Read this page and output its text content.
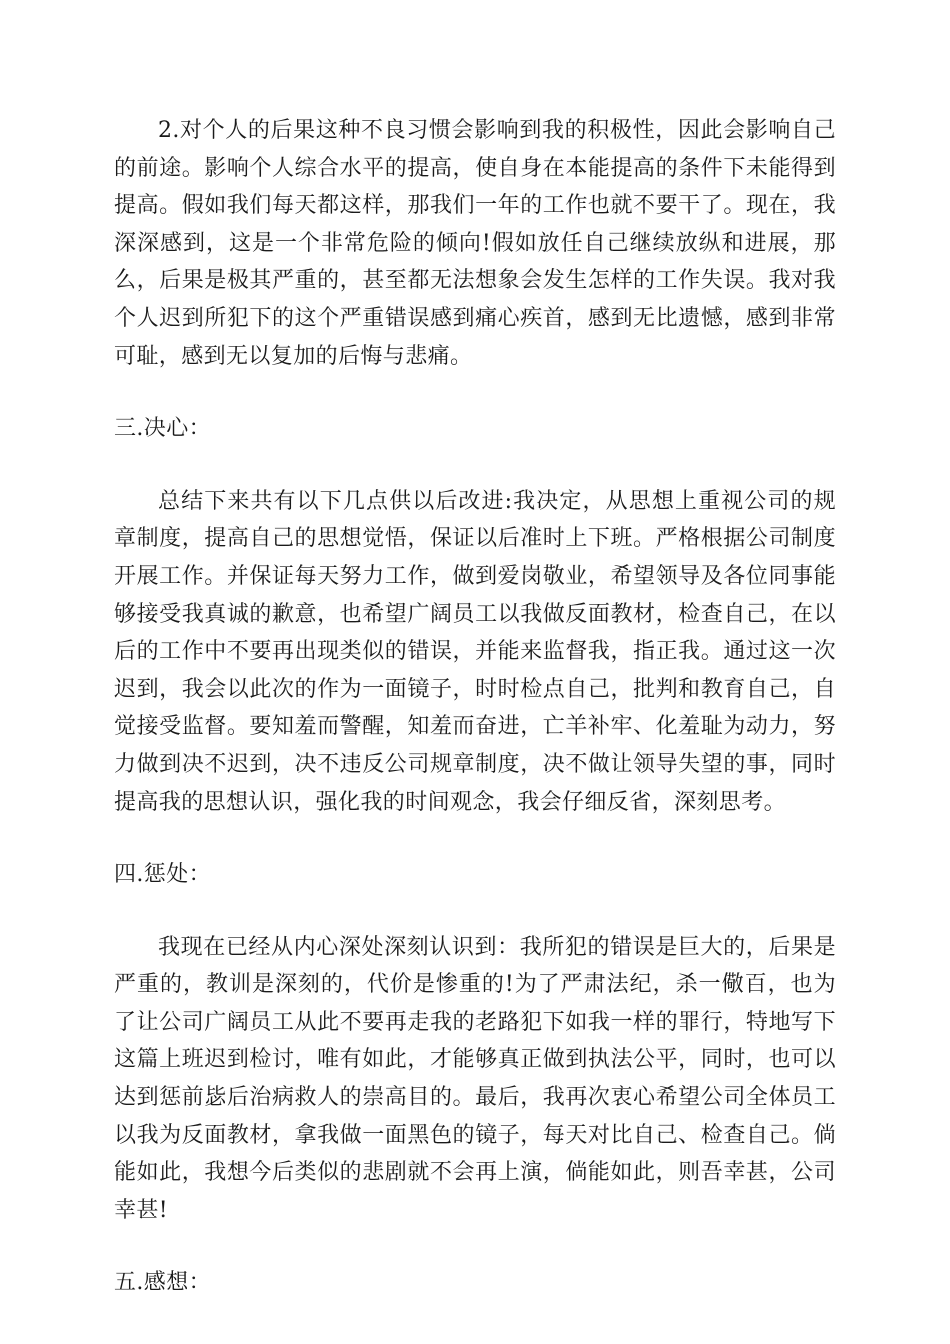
2.对个人的后果这种不良习惯会影响到我的积极性，因此会影响自己的前途。影响个人综合水平的提高，使自身在本能提高的条件下未能得到提高。假如我们每天都这样，那我们一年的工作也就不要干了。现在，我深深感到，这是一个非常危险的倾向!假如放任自己继续放纵和进展，那么，后果是极其严重的，甚至都无法想象会发生怎样的工作失误。我对我个人迟到所犯下的这个严重错误感到痛心疾首，感到无比遗憾，感到非常可耻，感到无以复加的后悔与悲痛。

三.决心：

总结下来共有以下几点供以后改进:我决定，从思想上重视公司的规章制度，提高自己的思想觉悟，保证以后准时上下班。严格根据公司制度开展工作。并保证每天努力工作，做到爱岗敬业，希望领导及各位同事能够接受我真诚的歉意，也希望广阔员工以我做反面教材，检查自己，在以后的工作中不要再出现类似的错误，并能来监督我，指正我。通过这一次迟到，我会以此次的作为一面镜子，时时检点自己，批判和教育自己，自觉接受监督。要知羞而警醒，知羞而奋进，亡羊补牢、化羞耻为动力，努力做到决不迟到，决不违反公司规章制度，决不做让领导失望的事，同时提高我的思想认识，强化我的时间观念，我会仔细反省，深刻思考。

四.惩处：

我现在已经从内心深处深刻认识到：我所犯的错误是巨大的，后果是严重的，教训是深刻的，代价是惨重的!为了严肃法纪，杀一儆百，也为了让公司广阔员工从此不要再走我的老路犯下如我一样的罪行，特地写下这篇上班迟到检讨，唯有如此，才能够真正做到执法公平，同时，也可以达到惩前毖后治病救人的崇高目的。最后，我再次衷心希望公司全体员工以我为反面教材，拿我做一面黑色的镜子，每天对比自己、检查自己。倘能如此，我想今后类似的悲剧就不会再上演，倘能如此，则吾幸甚，公司幸甚!

五.感想：
